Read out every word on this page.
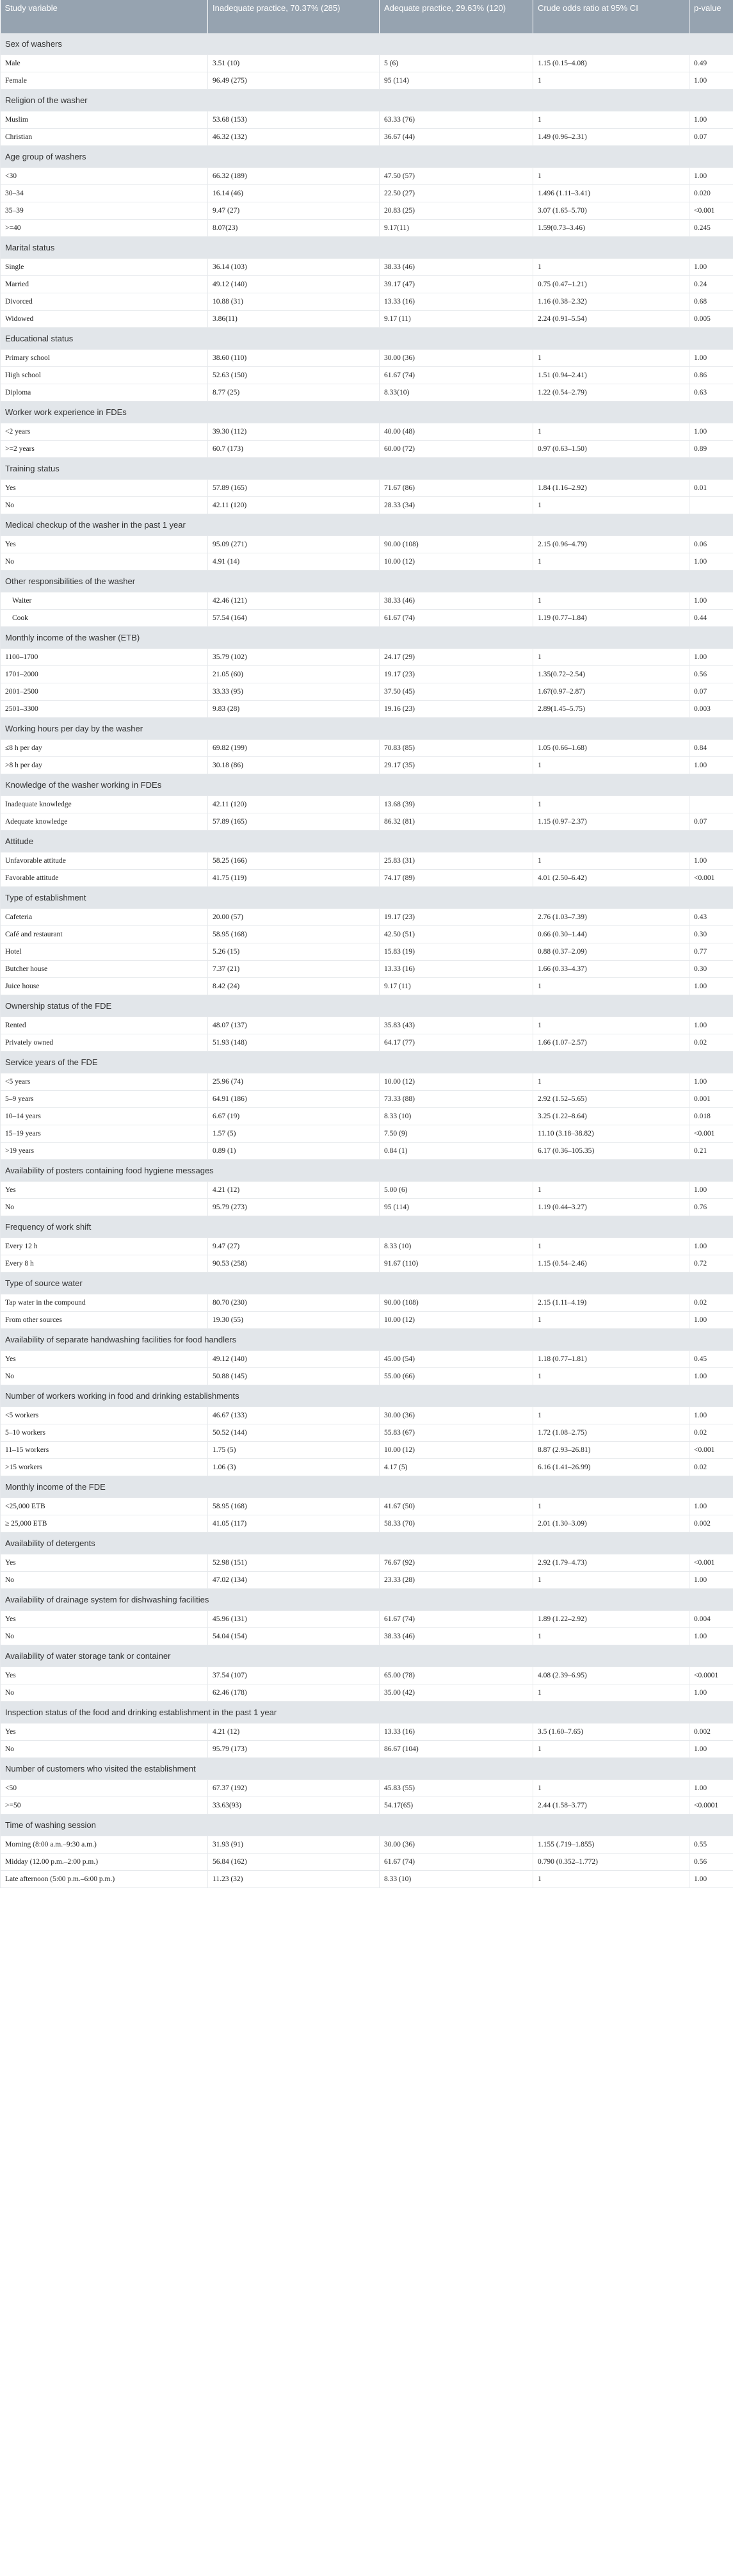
Study variable	Inadequate practice, 70.37% (285)	Adequate practice, 29.63% (120)	Crude odds ratio at 95% CI	p-value
Sex of washers				
Male	3.51 (10)	5 (6)	1.15 (0.15–4.08)	0.49
Female	96.49 (275)	95 (114)	1	1.00
Religion of the washer				
Muslim	53.68 (153)	63.33 (76)	1	1.00
Christian	46.32 (132)	36.67 (44)	1.49 (0.96–2.31)	0.07
Age group of washers				
<30	66.32 (189)	47.50 (57)	1	1.00
30–34	16.14 (46)	22.50 (27)	1.496 (1.11–3.41)	0.020
35–39	9.47 (27)	20.83 (25)	3.07 (1.65–5.70)	<0.001
>=40	8.07(23)	9.17(11)	1.59(0.73–3.46)	0.245
Marital status				
Single	36.14 (103)	38.33 (46)	1	1.00
Married	49.12 (140)	39.17 (47)	0.75 (0.47–1.21)	0.24
Divorced	10.88 (31)	13.33 (16)	1.16 (0.38–2.32)	0.68
Widowed	3.86(11)	9.17 (11)	2.24 (0.91–5.54)	0.005
Educational status				
Primary school	38.60 (110)	30.00 (36)	1	1.00
High school	52.63 (150)	61.67 (74)	1.51 (0.94–2.41)	0.86
Diploma	8.77 (25)	8.33(10)	1.22 (0.54–2.79)	0.63
Worker work experience in FDEs				
<2 years	39.30 (112)	40.00 (48)	1	1.00
>=2 years	60.7 (173)	60.00 (72)	0.97 (0.63–1.50)	0.89
Training status				
Yes	57.89 (165)	71.67 (86)	1.84 (1.16–2.92)	0.01
No	42.11 (120)	28.33 (34)	1	
Medical checkup of the washer in the past 1 year				
Yes	95.09 (271)	90.00 (108)	2.15 (0.96–4.79)	0.06
No	4.91 (14)	10.00 (12)	1	1.00
Other responsibilities of the washer				
Waiter	42.46 (121)	38.33 (46)	1	1.00
Cook	57.54 (164)	61.67 (74)	1.19 (0.77–1.84)	0.44
Monthly income of the washer (ETB)				
1100–1700	35.79 (102)	24.17 (29)	1	1.00
1701–2000	21.05 (60)	19.17 (23)	1.35(0.72–2.54)	0.56
2001–2500	33.33 (95)	37.50 (45)	1.67(0.97–2.87)	0.07
2501–3300	9.83 (28)	19.16 (23)	2.89(1.45–5.75)	0.003
Working hours per day by the washer				
≤8 h per day	69.82 (199)	70.83 (85)	1.05 (0.66–1.68)	0.84
>8 h per day	30.18 (86)	29.17 (35)	1	1.00
Knowledge of the washer working in FDEs				
Inadequate knowledge	42.11 (120)	13.68 (39)	1	
Adequate knowledge	57.89 (165)	86.32 (81)	1.15 (0.97–2.37)	0.07
Attitude				
Unfavorable attitude	58.25 (166)	25.83 (31)	1	1.00
Favorable attitude	41.75 (119)	74.17 (89)	4.01 (2.50–6.42)	<0.001
Type of establishment				
Cafeteria	20.00 (57)	19.17 (23)	2.76 (1.03–7.39)	0.43
Café and restaurant	58.95 (168)	42.50 (51)	0.66 (0.30–1.44)	0.30
Hotel	5.26 (15)	15.83 (19)	0.88 (0.37–2.09)	0.77
Butcher house	7.37 (21)	13.33 (16)	1.66 (0.33–4.37)	0.30
Juice house	8.42 (24)	9.17 (11)	1	1.00
Ownership status of the FDE				
Rented	48.07 (137)	35.83 (43)	1	1.00
Privately owned	51.93 (148)	64.17 (77)	1.66 (1.07–2.57)	0.02
Service years of the FDE				
<5 years	25.96 (74)	10.00 (12)	1	1.00
5–9 years	64.91 (186)	73.33 (88)	2.92 (1.52–5.65)	0.001
10–14 years	6.67 (19)	8.33 (10)	3.25 (1.22–8.64)	0.018
15–19 years	1.57 (5)	7.50 (9)	11.10 (3.18–38.82)	<0.001
>19 years	0.89 (1)	0.84 (1)	6.17 (0.36–105.35)	0.21
Availability of posters containing food hygiene messages				
Yes	4.21 (12)	5.00 (6)	1	1.00
No	95.79 (273)	95 (114)	1.19 (0.44–3.27)	0.76
Frequency of work shift				
Every 12 h	9.47 (27)	8.33 (10)	1	1.00
Every 8 h	90.53 (258)	91.67 (110)	1.15 (0.54–2.46)	0.72
Type of source water				
Tap water in the compound	80.70 (230)	90.00 (108)	2.15 (1.11–4.19)	0.02
From other sources	19.30 (55)	10.00 (12)	1	1.00
Availability of separate handwashing facilities for food handlers				
Yes	49.12 (140)	45.00 (54)	1.18 (0.77–1.81)	0.45
No	50.88 (145)	55.00 (66)	1	1.00
Number of workers working in food and drinking establishments				
<5 workers	46.67 (133)	30.00 (36)	1	1.00
5–10 workers	50.52 (144)	55.83 (67)	1.72 (1.08–2.75)	0.02
11–15 workers	1.75 (5)	10.00 (12)	8.87 (2.93–26.81)	<0.001
>15 workers	1.06 (3)	4.17 (5)	6.16 (1.41–26.99)	0.02
Monthly income of the FDE				
<25,000 ETB	58.95 (168)	41.67 (50)	1	1.00
≥ 25,000 ETB	41.05 (117)	58.33 (70)	2.01 (1.30–3.09)	0.002
Availability of detergents				
Yes	52.98 (151)	76.67 (92)	2.92 (1.79–4.73)	<0.001
No	47.02 (134)	23.33 (28)	1	1.00
Availability of drainage system for dishwashing facilities				
Yes	45.96 (131)	61.67 (74)	1.89 (1.22–2.92)	0.004
No	54.04 (154)	38.33 (46)	1	1.00
Availability of water storage tank or container				
Yes	37.54 (107)	65.00 (78)	4.08 (2.39–6.95)	<0.0001
No	62.46 (178)	35.00 (42)	1	1.00
Inspection status of the food and drinking establishment in the past 1 year				
Yes	4.21 (12)	13.33 (16)	3.5 (1.60–7.65)	0.002
No	95.79 (173)	86.67 (104)	1	1.00
Number of customers who visited the establishment				
<50	67.37 (192)	45.83 (55)	1	1.00
>=50	33.63(93)	54.17(65)	2.44 (1.58–3.77)	<0.0001
Time of washing session				
Morning (8:00 a.m.–9:30 a.m.)	31.93 (91)	30.00 (36)	1.155 (.719–1.855)	0.55
Midday (12.00 p.m.–2:00 p.m.)	56.84 (162)	61.67 (74)	0.790 (0.352–1.772)	0.56
Late afternoon (5:00 p.m.–6:00 p.m.)	11.23 (32)	8.33 (10)	1	1.00
